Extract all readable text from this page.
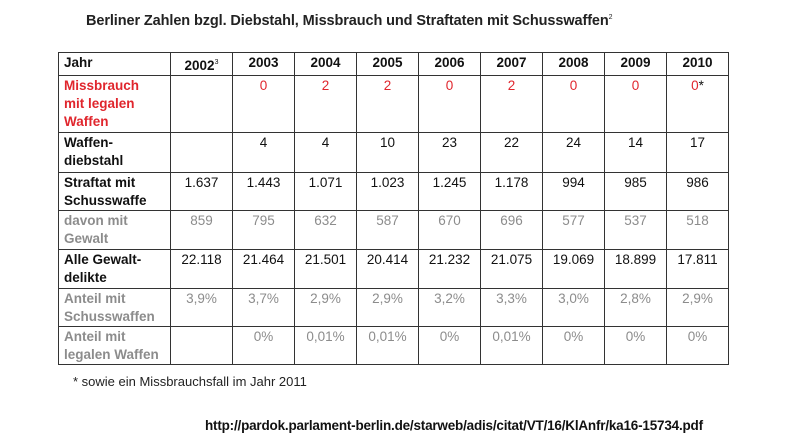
Berliner Zahlen bzgl. Diebstahl, Missbrauch und Straftaten mit Schusswaffen$^2$
Jahr	2002$^3$	2003	2004	2005	2006	2007	2008	2009	2010
Missbrauch
mit legalen
Waffen		0	2	2	0	2	0	0	0*
Waffen-
diebstahl		4	4	10	23	22	24	14	17
Straftat mit
Schusswaffe	1.637	1.443	1.071	1.023	1.245	1.178	994	985	986
davon mit
Gewalt	859	795	632	587	670	696	577	537	518
Alle Gewalt-
delikte	22.118	21.464	21.501	20.414	21.232	21.075	19.069	18.899	17.811
Anteil mit
Schusswaffen	3,9%	3,7%	2,9%	2,9%	3,2%	3,3%	3,0%	2,8%	2,9%
Anteil mit
legalen Waffen		0%	0,01%	0,01%	0%	0,01%	0%	0%	0%
* sowie ein Missbrauchsfall im Jahr 2011
http://pardok.parlament-berlin.de/starweb/adis/citat/VT/16/KlAnfr/ka16-15734.pdf
